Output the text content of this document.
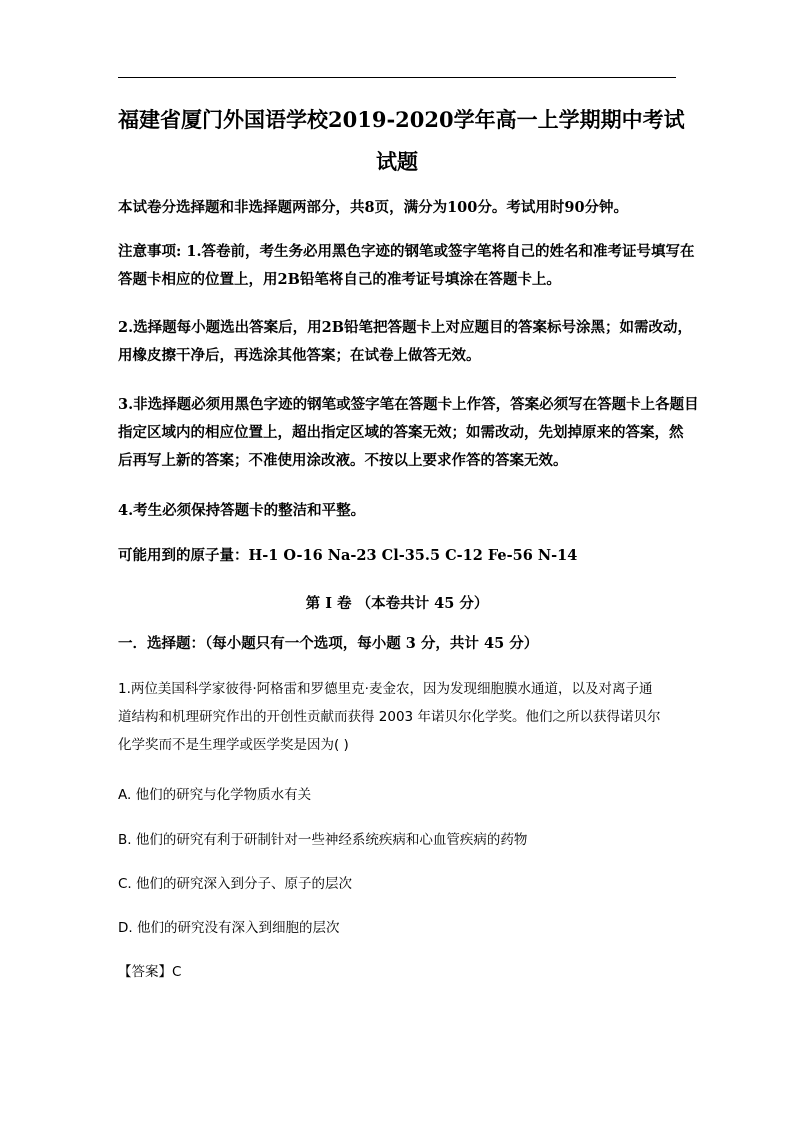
福建省厦门外国语学校2019-2020学年高一上学期期中考试
试题
本试卷分选择题和非选择题两部分，共8页，满分为100分。考试用时90分钟。
注意事项: 1.答卷前，考生务必用黑色字迹的钢笔或签字笔将自己的姓名和准考证号填写在
答题卡相应的位置上，用2B铅笔将自己的准考证号填涂在答题卡上。
2.选择题每小题选出答案后，用2B铅笔把答题卡上对应题目的答案标号涂黑；如需改动，
用橡皮擦干净后，再选涂其他答案；在试卷上做答无效。
3.非选择题必须用黑色字迹的钢笔或签字笔在答题卡上作答，答案必须写在答题卡上各题目
指定区域内的相应位置上，超出指定区域的答案无效；如需改动，先划掉原来的答案，然
后再写上新的答案；不准使用涂改液。不按以上要求作答的答案无效。
4.考生必须保持答题卡的整洁和平整。
可能用到的原子量：H-1 O-16 Na-23 Cl-35.5 C-12 Fe-56 N-14
第 I 卷 （本卷共计 45 分）
一．选择题：（每小题只有一个选项，每小题 3 分，共计 45 分）
1.两位美国科学家彼得·阿格雷和罗德里克·麦金农，因为发现细胞膜水通道，以及对离子通
道结构和机理研究作出的开创性贡献而获得 2003 年诺贝尔化学奖。他们之所以获得诺贝尔
化学奖而不是生理学或医学奖是因为( )
A. 他们的研究与化学物质水有关
B. 他们的研究有利于研制针对一些神经系统疾病和心血管疾病的药物
C. 他们的研究深入到分子、原子的层次
D. 他们的研究没有深入到细胞的层次
【答案】C
